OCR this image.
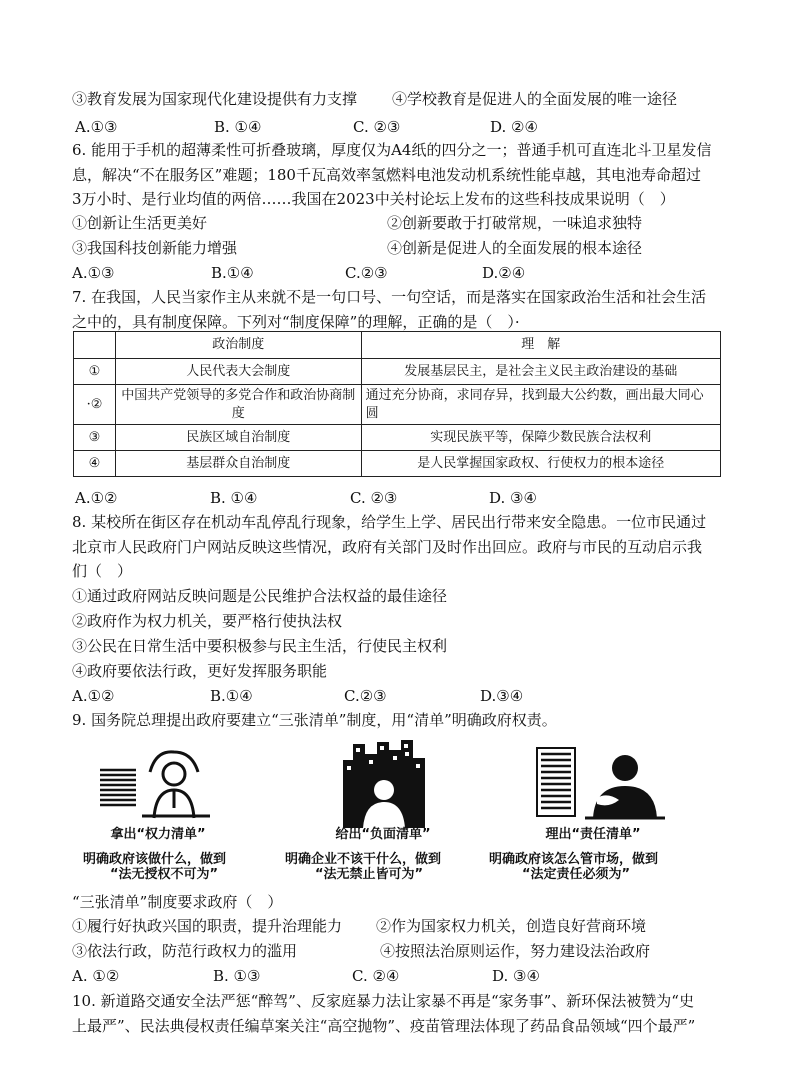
③教育发展为国家现代化建设提供有力支撑 ④学校教育是促进人的全面发展的唯一途径
A.①③	B. ①④	C. ②③	D. ②④
6. 能用于手机的超薄柔性可折叠玻璃，厚度仅为A4纸的四分之一；普通手机可直连北斗卫星发信
息，解决“不在服务区”难题；180千瓦高效率氢燃料电池发动机系统性能卓越，其电池寿命超过
3万小时、是行业均值的两倍……我国在2023中关村论坛上发布的这些科技成果说明（　）
①创新让生活更美好	②创新要敢于打破常规，一味追求独特
③我国科技创新能力增强	④创新是促进人的全面发展的根本途径
A.①③	B.①④	C.②③	D.②④
7. 在我国，人民当家作主从来就不是一句口号、一句空话，而是落实在国家政治生活和社会生活
之中的，具有制度保障。下列对“制度保障”的理解，正确的是（　）·
	政治制度	理　解
①	人民代表大会制度	发展基层民主，是社会主义民主政治建设的基础
·②	中国共产党领导的多党合作和政治协商制度	通过充分协商，求同存异，找到最大公约数，画出最大同心圆
③	民族区域自治制度	实现民族平等，保障少数民族合法权利
④	基层群众自治制度	是人民掌握国家政权、行使权力的根本途径
A.①②	B. ①④	C. ②③	D. ③④
8. 某校所在街区存在机动车乱停乱行现象，给学生上学、居民出行带来安全隐患。一位市民通过
北京市人民政府门户网站反映这些情况，政府有关部门及时作出回应。政府与市民的互动启示我
们（　）
①通过政府网站反映问题是公民维护合法权益的最佳途径
②政府作为权力机关，要严格行使执法权
③公民在日常生活中要积极参与民主生活，行使民主权利
④政府要依法行政，更好发挥服务职能
A.①②	B.①④	C.②③	D.③④
9. 国务院总理提出政府要建立“三张清单”制度，用“清单”明确政府权责。
拿出“权力清单”
明确政府该做什么，做到
“法无授权不可为”
给出“负面清单”
明确企业不该干什么，做到
“法无禁止皆可为”
理出“责任清单”
明确政府该怎么管市场，做到
“法定责任必须为”
“三张清单”制度要求政府（　）
①履行好执政兴国的职责，提升治理能力 ②作为国家权力机关，创造良好营商环境
③依法行政，防范行政权力的滥用	④按照法治原则运作，努力建设法治政府
A. ①②	B. ①③	C. ②④	D. ③④
10. 新道路交通安全法严惩“醉驾”、反家庭暴力法让家暴不再是“家务事”、新环保法被赞为“史
上最严”、民法典侵权责任编草案关注“高空抛物”、疫苗管理法体现了药品食品领域“四个最严”
